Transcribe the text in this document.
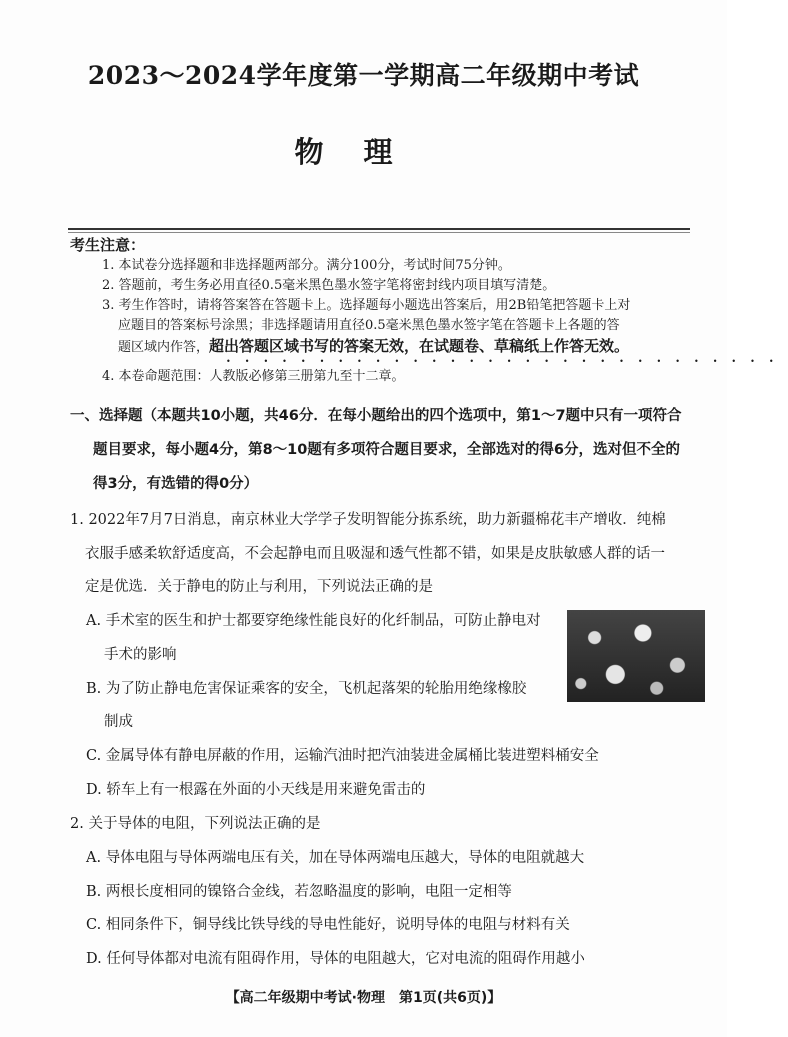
2023～2024学年度第一学期高二年级期中考试
物理
考生注意：
1. 本试卷分选择题和非选择题两部分。满分100分，考试时间75分钟。
2. 答题前，考生务必用直径0.5毫米黑色墨水签字笔将密封线内项目填写清楚。
3. 考生作答时，请将答案答在答题卡上。选择题每小题选出答案后，用2B铅笔把答题卡上对
应题目的答案标号涂黑；非选择题请用直径0.5毫米黑色墨水签字笔在答题卡上各题的答
题区域内作答，超出答题区域书写的答案无效，在试题卷、草稿纸上作答无效。
••••••••••••••••••••••••••••••
4. 本卷命题范围：人教版必修第三册第九至十二章。
一、选择题（本题共10小题，共46分．在每小题给出的四个选项中，第1～7题中只有一项符合
题目要求，每小题4分，第8～10题有多项符合题目要求，全部选对的得6分，选对但不全的
得3分，有选错的得0分）
1. 2022年7月7日消息，南京林业大学学子发明智能分拣系统，助力新疆棉花丰产增收．纯棉
衣服手感柔软舒适度高，不会起静电而且吸湿和透气性都不错，如果是皮肤敏感人群的话一
定是优选．关于静电的防止与利用，下列说法正确的是
A. 手术室的医生和护士都要穿绝缘性能良好的化纤制品，可防止静电对
手术的影响
B. 为了防止静电危害保证乘客的安全，飞机起落架的轮胎用绝缘橡胶
制成
C. 金属导体有静电屏蔽的作用，运输汽油时把汽油装进金属桶比装进塑料桶安全
D. 轿车上有一根露在外面的小天线是用来避免雷击的
2. 关于导体的电阻，下列说法正确的是
A. 导体电阻与导体两端电压有关，加在导体两端电压越大，导体的电阻就越大
B. 两根长度相同的镍铬合金线，若忽略温度的影响，电阻一定相等
C. 相同条件下，铜导线比铁导线的导电性能好，说明导体的电阻与材料有关
D. 任何导体都对电流有阻碍作用，导体的电阻越大，它对电流的阻碍作用越小
【高二年级期中考试·物理　第1页(共6页)】
